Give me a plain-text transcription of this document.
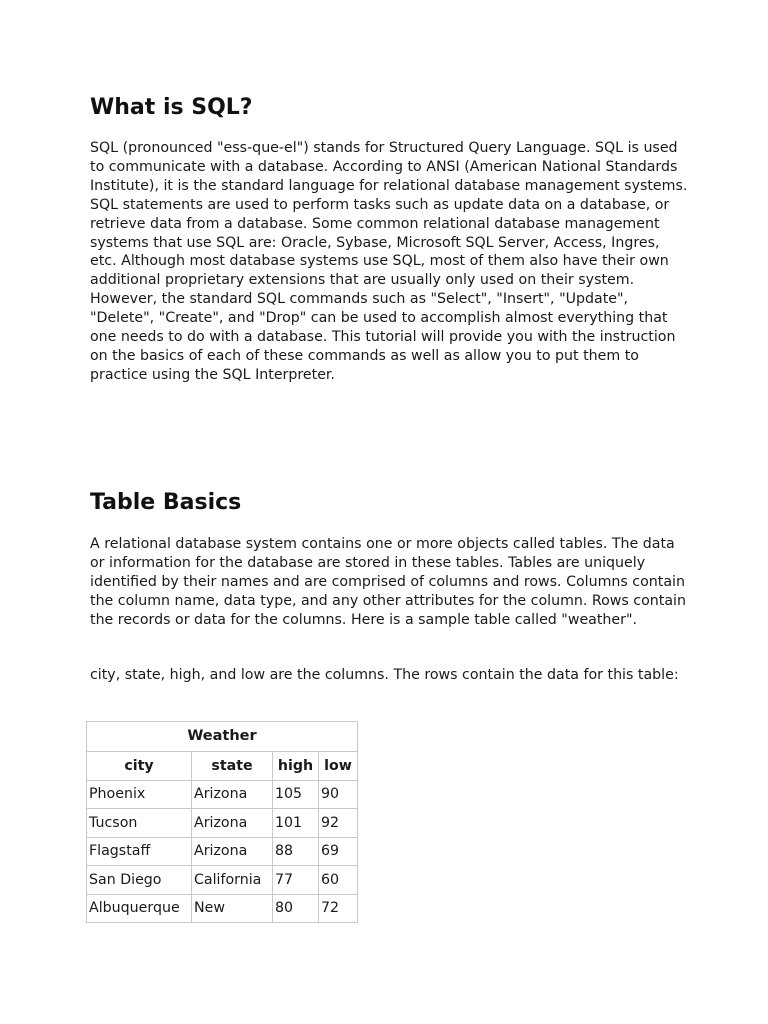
What is SQL?

SQL (pronounced "ess-que-el") stands for Structured Query Language. SQL is used to communicate with a database. According to ANSI (American National Standards Institute), it is the standard language for relational database management systems. SQL statements are used to perform tasks such as update data on a database, or retrieve data from a database. Some common relational database management systems that use SQL are: Oracle, Sybase, Microsoft SQL Server, Access, Ingres, etc. Although most database systems use SQL, most of them also have their own additional proprietary extensions that are usually only used on their system. However, the standard SQL commands such as "Select", "Insert", "Update", "Delete", "Create", and "Drop" can be used to accomplish almost everything that one needs to do with a database. This tutorial will provide you with the instruction on the basics of each of these commands as well as allow you to put them to practice using the SQL Interpreter.

Table Basics

A relational database system contains one or more objects called tables. The data or information for the database are stored in these tables. Tables are uniquely identified by their names and are comprised of columns and rows. Columns contain the column name, data type, and any other attributes for the column. Rows contain the records or data for the columns. Here is a sample table called "weather".

city, state, high, and low are the columns. The rows contain the data for this table:

Weather
city	state	high	low
Phoenix	Arizona	105	90
Tucson	Arizona	101	92
Flagstaff	Arizona	88	69
San Diego	California	77	60
Albuquerque	New	80	72
